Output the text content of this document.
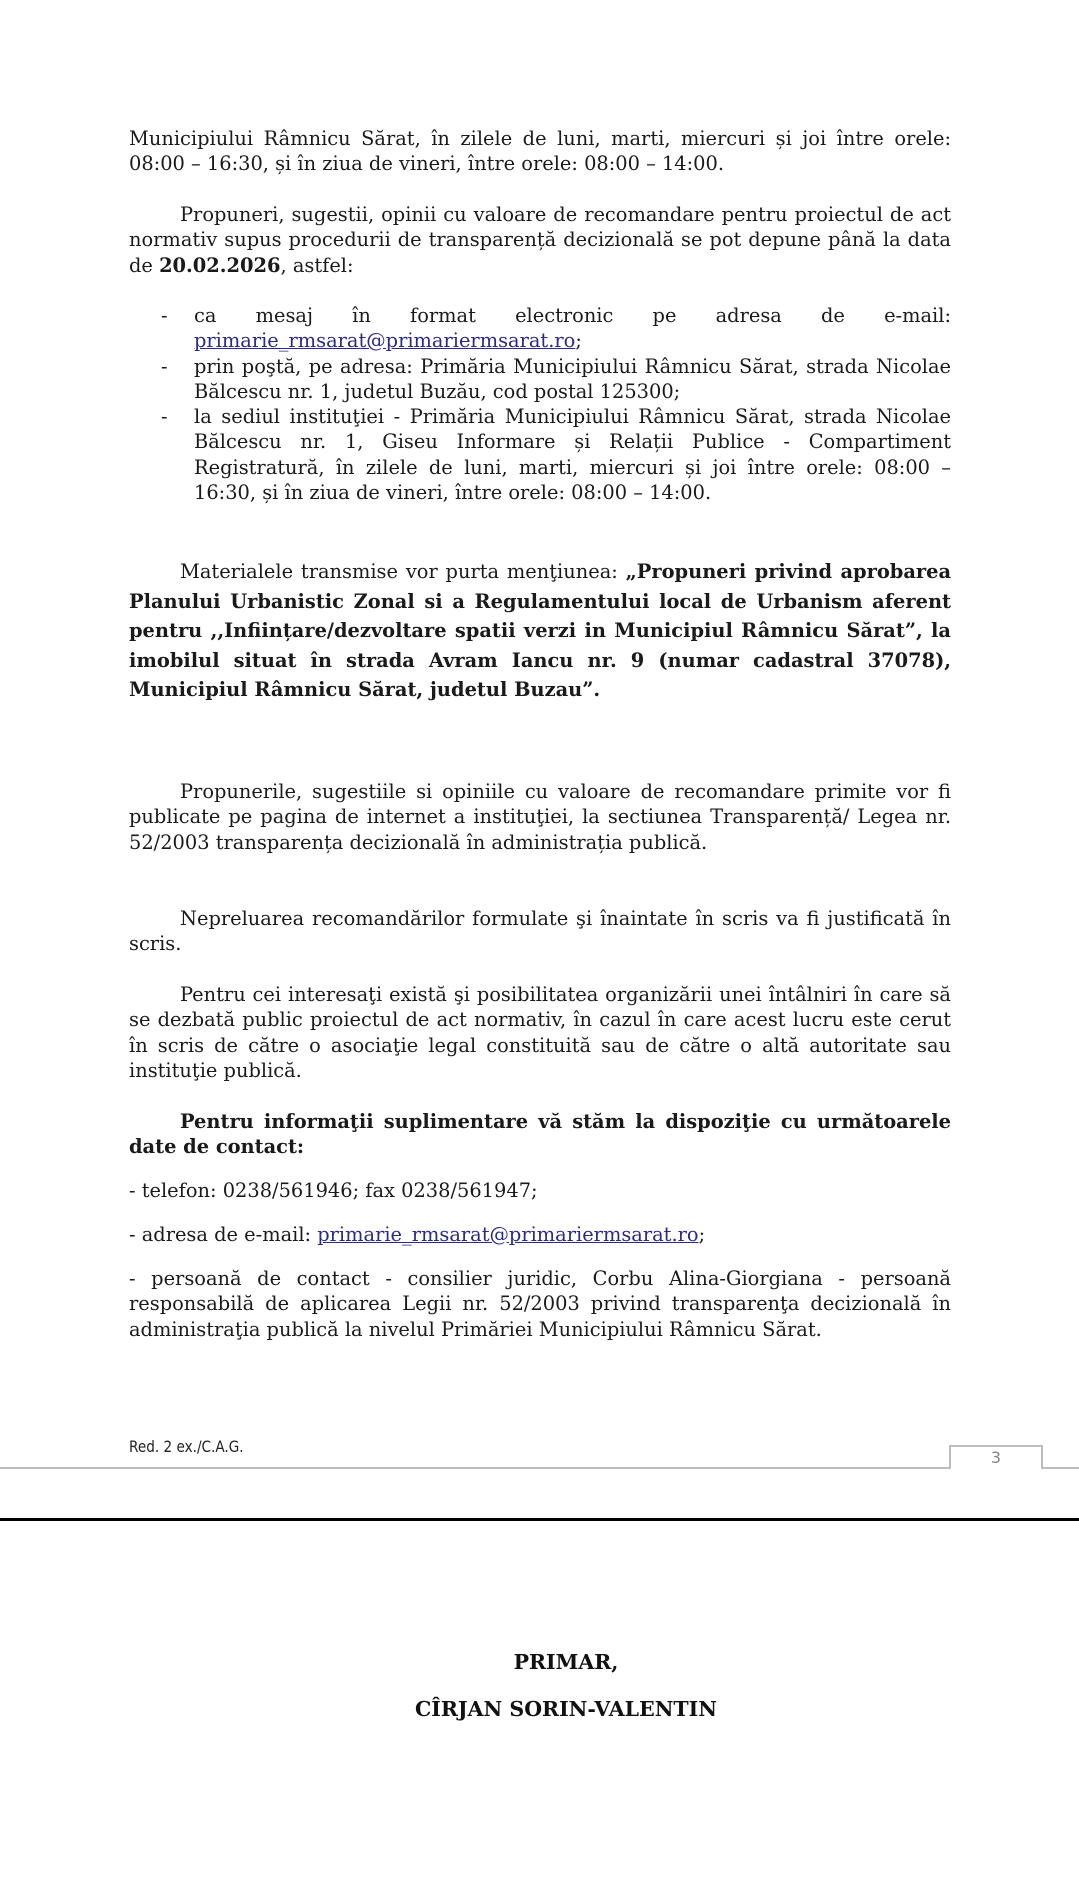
Municipiului Râmnicu Sărat, în zilele de luni, marti, miercuri și joi între orele: 08:00 – 16:30, și în ziua de vineri, între orele: 08:00 – 14:00.

Propuneri, sugestii, opinii cu valoare de recomandare pentru proiectul de act normativ supus procedurii de transparență decizională se pot depune până la data de 20.02.2026, astfel:

- ca mesaj în format electronic pe adresa de e-mail: primarie_rmsarat@primariermsarat.ro;
- prin poştă, pe adresa: Primăria Municipiului Râmnicu Sărat, strada Nicolae Bălcescu nr. 1, judetul Buzău, cod postal 125300;
- la sediul instituţiei - Primăria Municipiului Râmnicu Sărat, strada Nicolae Bălcescu nr. 1, Giseu Informare și Relații Publice - Compartiment Registratură, în zilele de luni, marti, miercuri și joi între orele: 08:00 – 16:30, și în ziua de vineri, între orele: 08:00 – 14:00.

Materialele transmise vor purta menţiunea: „Propuneri privind aprobarea Planului Urbanistic Zonal si a Regulamentului local de Urbanism aferent pentru ,,Inființare/dezvoltare spatii verzi in Municipiul Râmnicu Sărat”, la imobilul situat în strada Avram Iancu nr. 9 (numar cadastral 37078), Municipiul Râmnicu Sărat, judetul Buzau”.

Propunerile, sugestiile si opiniile cu valoare de recomandare primite vor fi publicate pe pagina de internet a instituţiei, la sectiunea Transparență/ Legea nr. 52/2003 transparența decizională în administrația publică.

Nepreluarea recomandărilor formulate şi înaintate în scris va fi justificată în scris.

Pentru cei interesaţi există şi posibilitatea organizării unei întâlniri în care să se dezbată public proiectul de act normativ, în cazul în care acest lucru este cerut în scris de către o asociaţie legal constituită sau de către o altă autoritate sau instituţie publică.

Pentru informaţii suplimentare vă stăm la dispoziţie cu următoarele date de contact:

- telefon: 0238/561946; fax 0238/561947;

- adresa de e-mail: primarie_rmsarat@primariermsarat.ro;

- persoană de contact - consilier juridic, Corbu Alina-Giorgiana - persoană responsabilă de aplicarea Legii nr. 52/2003 privind transparenţa decizională în administraţia publică la nivelul Primăriei Municipiului Râmnicu Sărat.

Red. 2 ex./C.A.G.
3
PRIMAR,
CÎRJAN SORIN-VALENTIN
